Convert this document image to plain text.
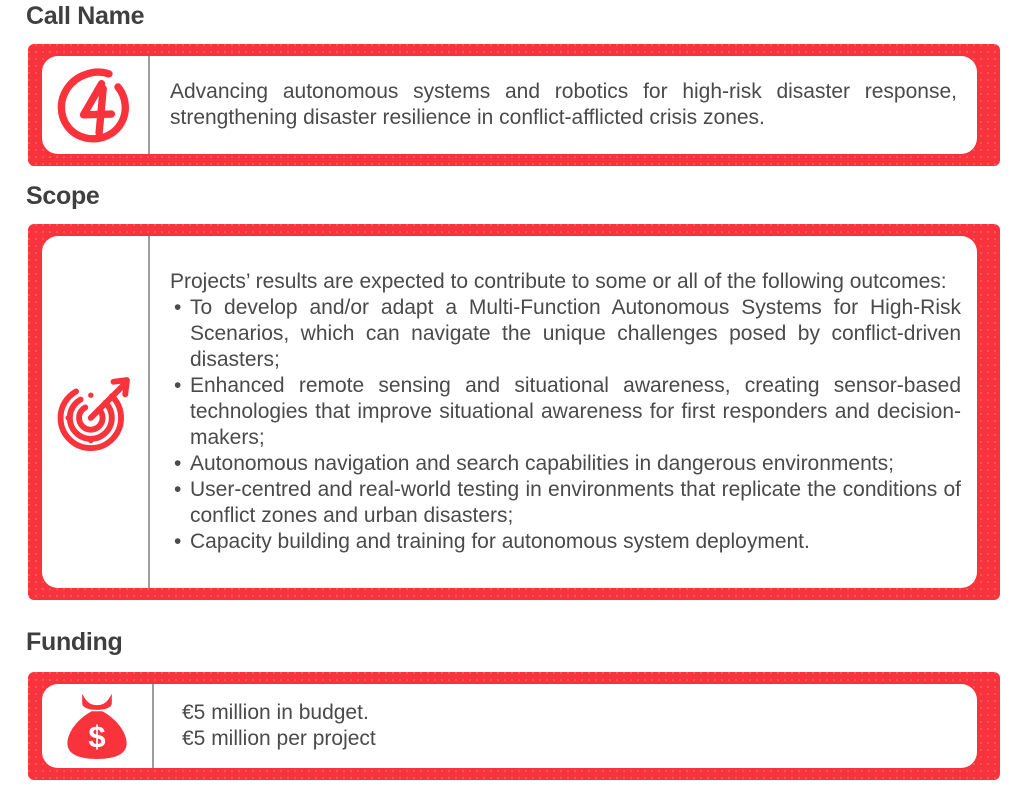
Call Name
Advancing autonomous systems and robotics for high-risk disaster response, strengthening disaster resilience in conflict-afflicted crisis zones.
Scope
Projects’ results are expected to contribute to some or all of the following outcomes:
• To develop and/or adapt a Multi-Function Autonomous Systems for High-Risk Scenarios, which can navigate the unique challenges posed by conflict-driven disasters;
• Enhanced remote sensing and situational awareness, creating sensor-based technologies that improve situational awareness for first responders and decision-makers;
• Autonomous navigation and search capabilities in dangerous environments;
• User-centred and real-world testing in environments that replicate the conditions of conflict zones and urban disasters;
• Capacity building and training for autonomous system deployment.
Funding
$
€5 million in budget.
€5 million per project
